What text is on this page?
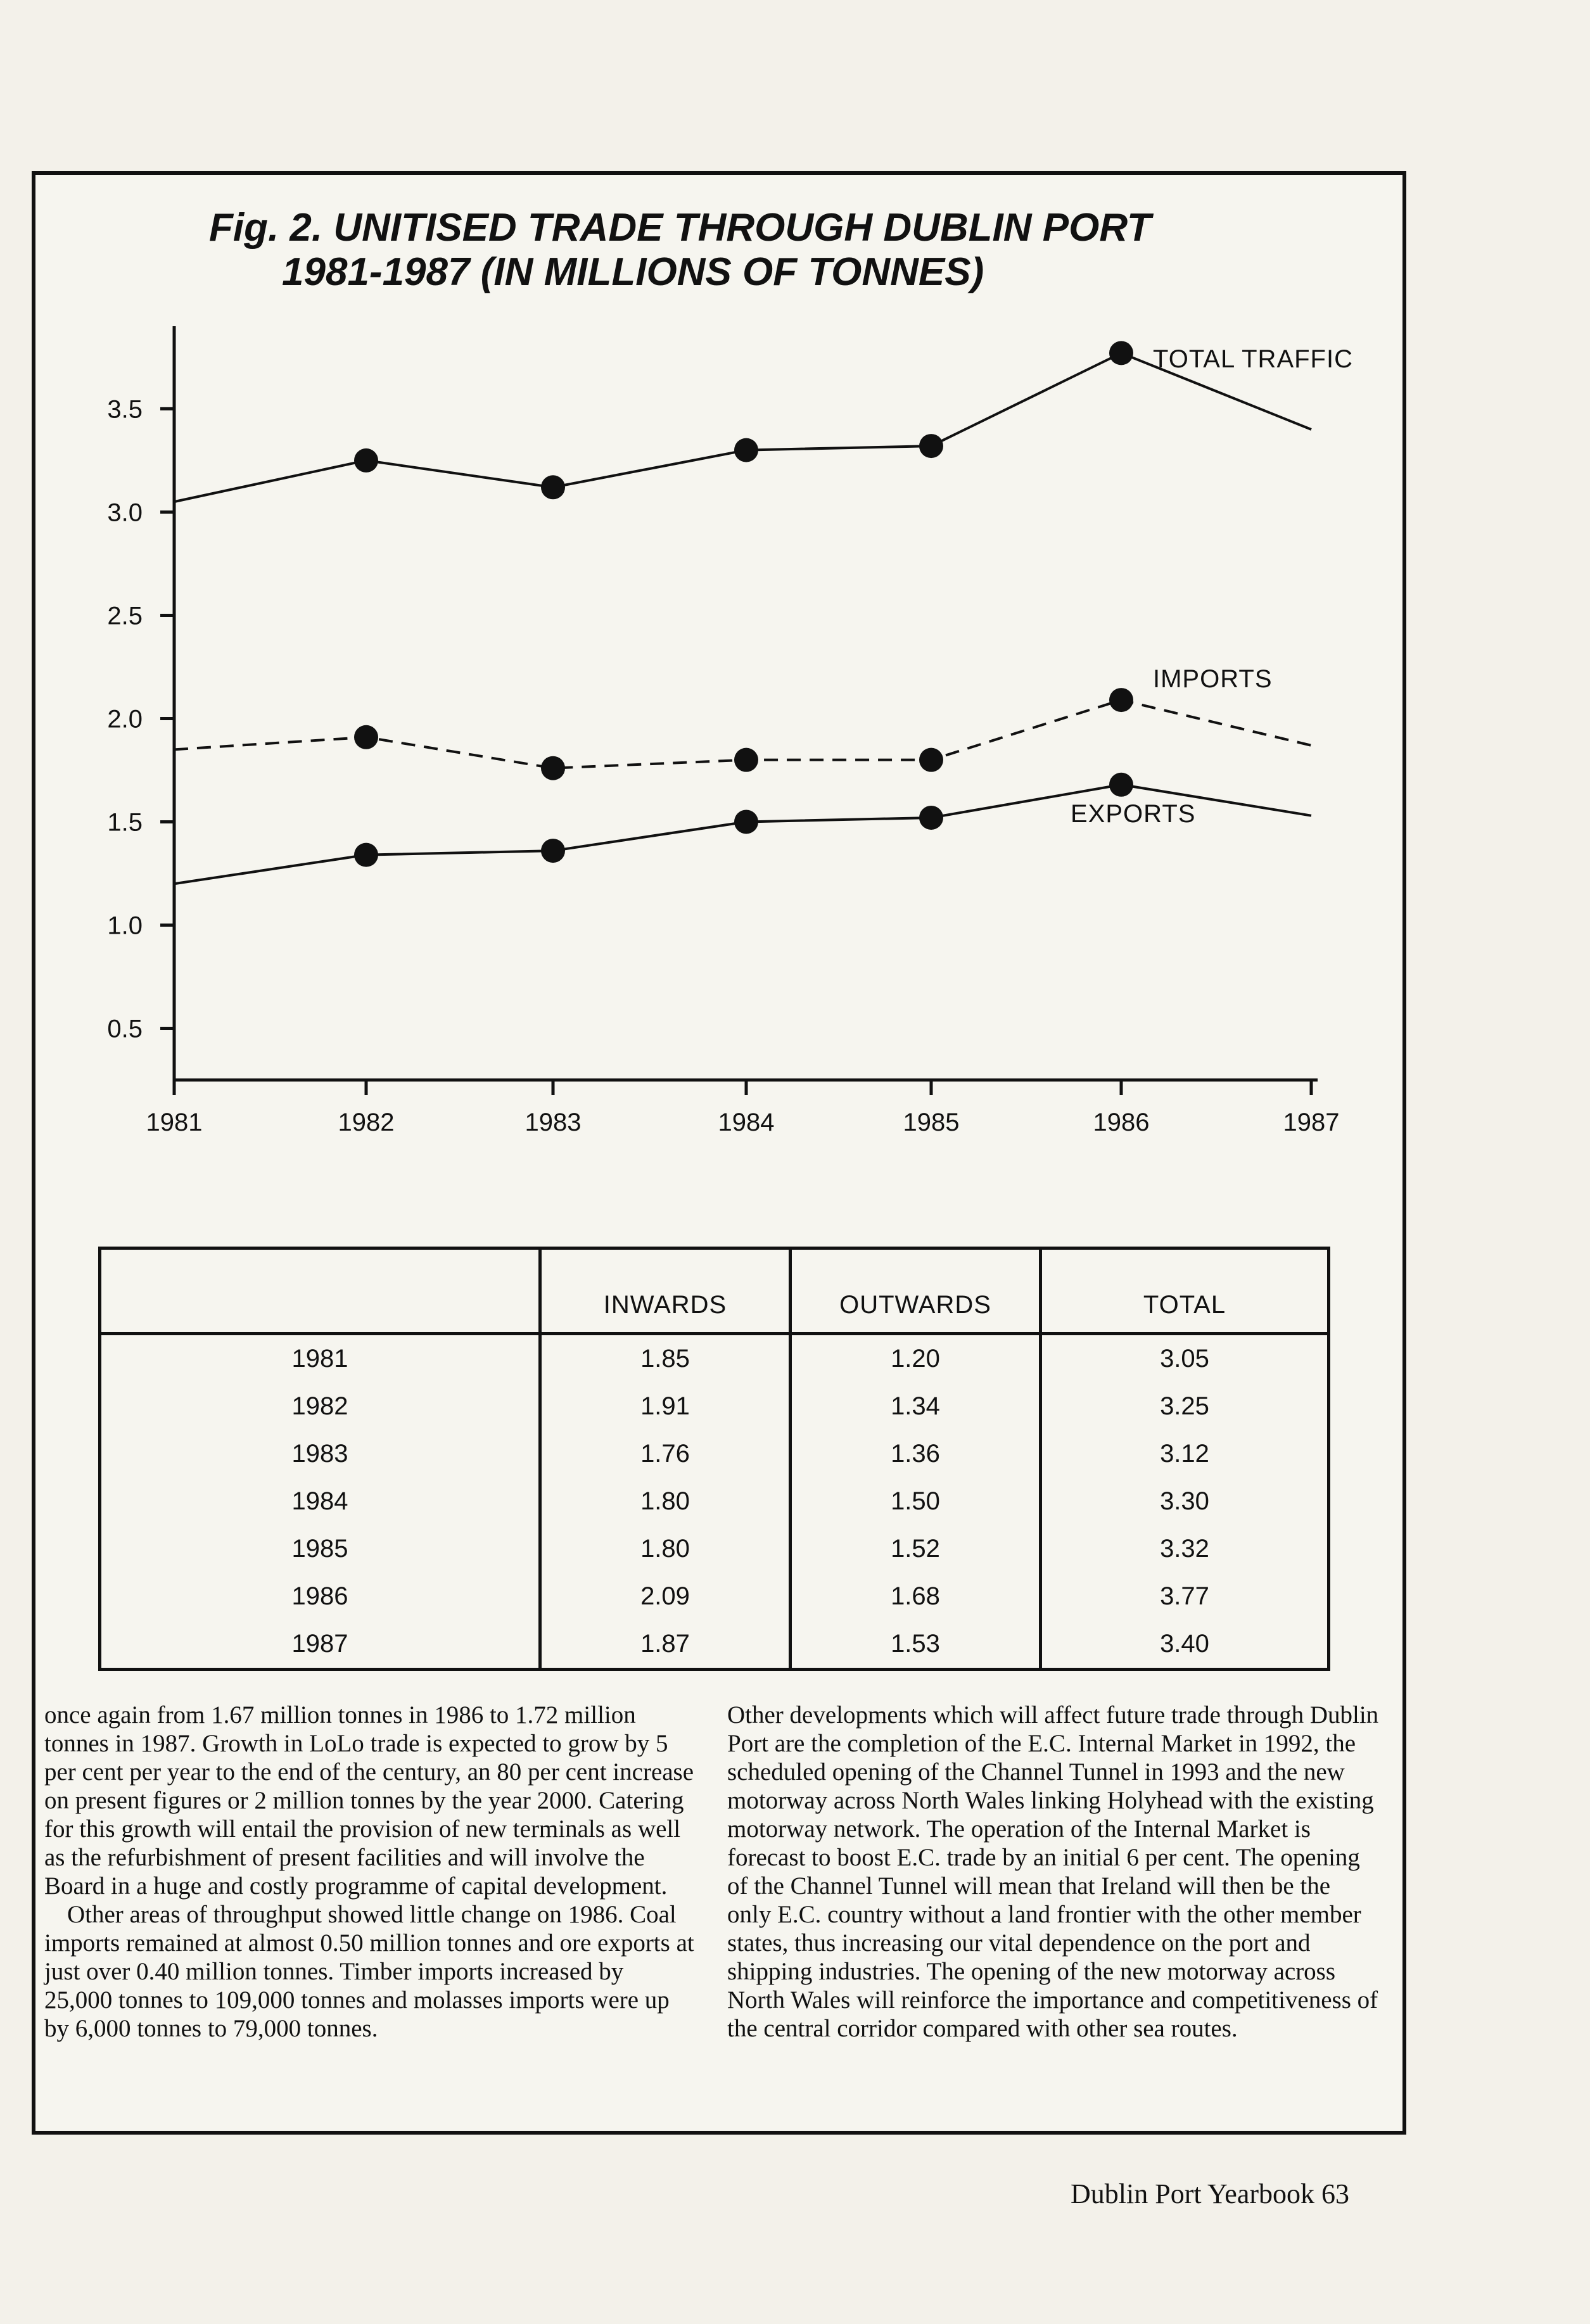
Fig. 2. UNITISED TRADE THROUGH DUBLIN PORT
1981-1987 (IN MILLIONS OF TONNES)
0.5
1.0
1.5
2.0
2.5
3.0
3.5
1981	1982	1983	1984	1985	1986	1987
TOTAL TRAFFIC
IMPORTS
EXPORTS
	INWARDS	OUTWARDS	TOTAL
1981	1.85	1.20	3.05
1982	1.91	1.34	3.25
1983	1.76	1.36	3.12
1984	1.80	1.50	3.30
1985	1.80	1.52	3.32
1986	2.09	1.68	3.77
1987	1.87	1.53	3.40

once again from 1.67 million tonnes in 1986 to 1.72 million tonnes in 1987. Growth in LoLo trade is expected to grow by 5 per cent per year to the end of the century, an 80 per cent increase on present figures or 2 million tonnes by the year 2000. Catering for this growth will entail the provision of new terminals as well as the refurbishment of present facilities and will involve the Board in a huge and costly programme of capital development.

Other areas of throughput showed little change on 1986. Coal imports remained at almost 0.50 million tonnes and ore exports at just over 0.40 million tonnes. Timber imports increased by 25,000 tonnes to 109,000 tonnes and molasses imports were up by 6,000 tonnes to 79,000 tonnes.

Other developments which will affect future trade through Dublin Port are the completion of the E.C. Internal Market in 1992, the scheduled opening of the Channel Tunnel in 1993 and the new motorway across North Wales linking Holyhead with the existing motorway network. The operation of the Internal Market is forecast to boost E.C. trade by an initial 6 per cent. The opening of the Channel Tunnel will mean that Ireland will then be the only E.C. country without a land frontier with the other member states, thus increasing our vital dependence on the port and shipping industries. The opening of the new motorway across North Wales will reinforce the importance and competitiveness of the central corridor compared with other sea routes.

Dublin Port Yearbook 63
